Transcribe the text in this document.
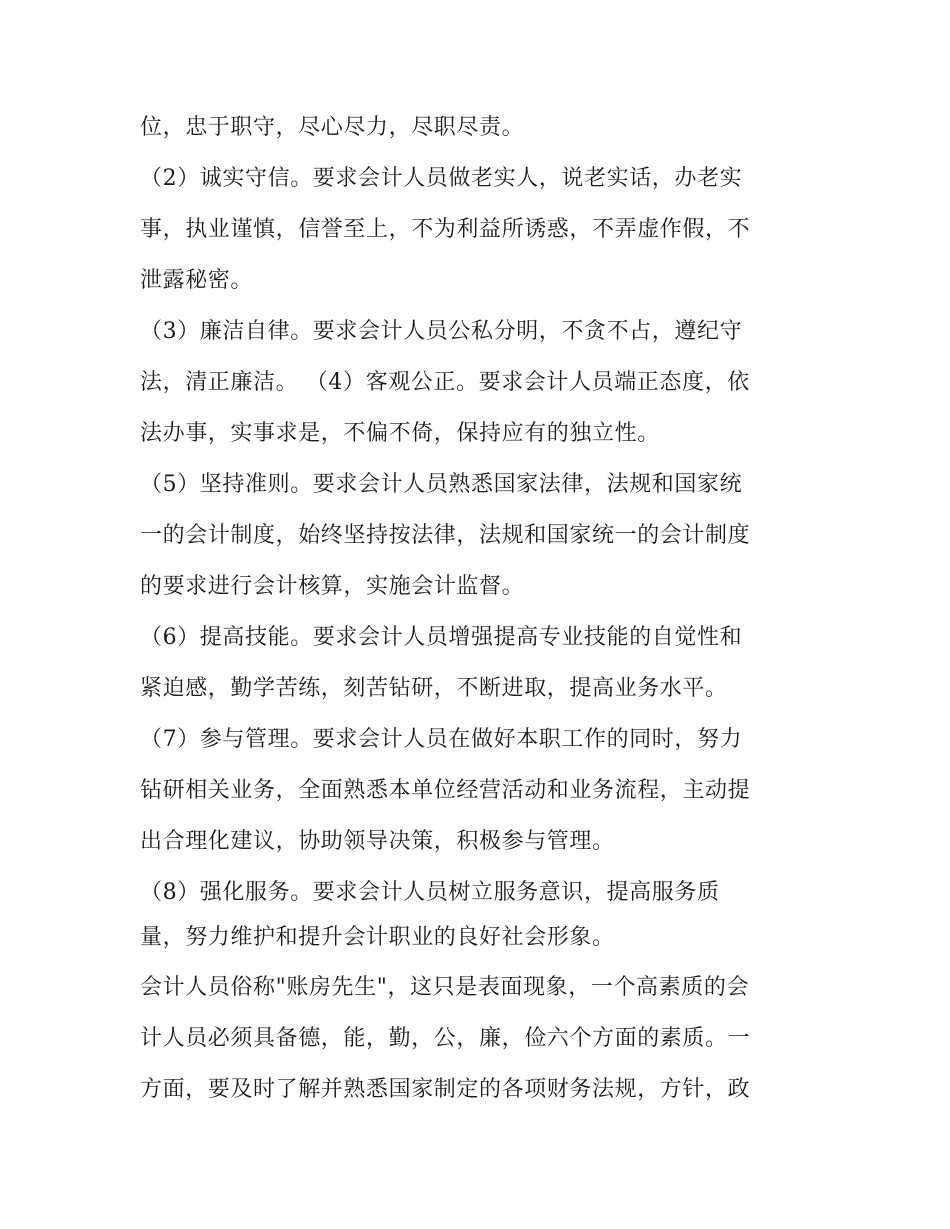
位，忠于职守，尽心尽力，尽职尽责。
（2）诚实守信。要求会计人员做老实人，说老实话，办老实
事，执业谨慎，信誉至上，不为利益所诱惑，不弄虚作假，不
泄露秘密。
（3）廉洁自律。要求会计人员公私分明，不贪不占，遵纪守
法，清正廉洁。 （4）客观公正。要求会计人员端正态度，依
法办事，实事求是，不偏不倚，保持应有的独立性。
（5）坚持准则。要求会计人员熟悉国家法律，法规和国家统
一的会计制度，始终坚持按法律，法规和国家统一的会计制度
的要求进行会计核算，实施会计监督。
（6）提高技能。要求会计人员增强提高专业技能的自觉性和
紧迫感，勤学苦练，刻苦钻研，不断进取，提高业务水平。
（7）参与管理。要求会计人员在做好本职工作的同时，努力
钻研相关业务，全面熟悉本单位经营活动和业务流程，主动提
出合理化建议，协助领导决策，积极参与管理。
（8）强化服务。要求会计人员树立服务意识，提高服务质
量，努力维护和提升会计职业的良好社会形象。
会计人员俗称"账房先生"，这只是表面现象，一个高素质的会
计人员必须具备德，能，勤，公，廉，俭六个方面的素质。一
方面，要及时了解并熟悉国家制定的各项财务法规，方针，政
